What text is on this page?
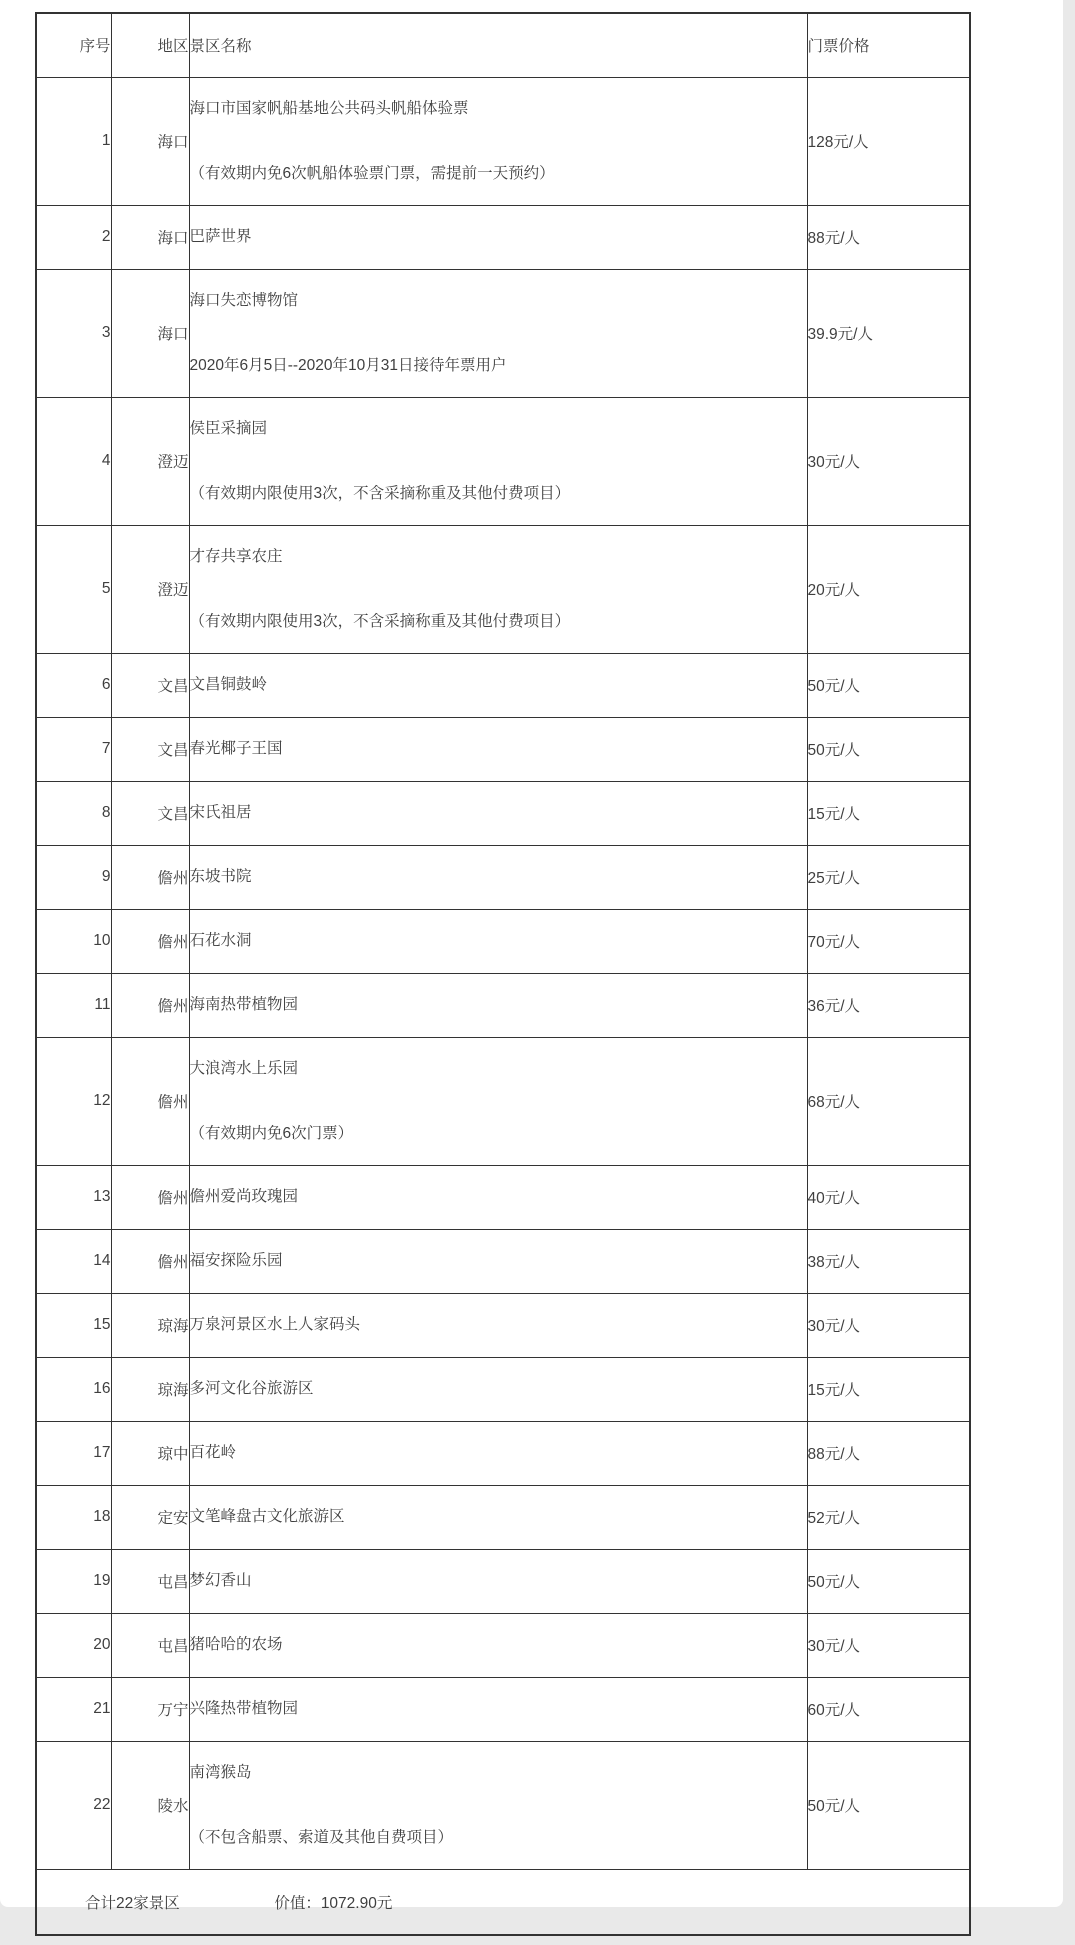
序号	地区	景区名称	门票价格
1	海口	海口市国家帆船基地公共码头帆船体验票
（有效期内免6次帆船体验票门票，需提前一天预约）	128元/人
2	海口	巴萨世界	88元/人
3	海口	海口失恋博物馆
2020年6月5日--2020年10月31日接待年票用户	39.9元/人
4	澄迈	侯臣采摘园
（有效期内限使用3次，不含采摘称重及其他付费项目）	30元/人
5	澄迈	才存共享农庄
（有效期内限使用3次，不含采摘称重及其他付费项目）	20元/人
6	文昌	文昌铜鼓岭	50元/人
7	文昌	春光椰子王国	50元/人
8	文昌	宋氏祖居	15元/人
9	儋州	东坡书院	25元/人
10	儋州	石花水洞	70元/人
11	儋州	海南热带植物园	36元/人
12	儋州	大浪湾水上乐园
（有效期内免6次门票）	68元/人
13	儋州	儋州爱尚玫瑰园	40元/人
14	儋州	福安探险乐园	38元/人
15	琼海	万泉河景区水上人家码头	30元/人
16	琼海	多河文化谷旅游区	15元/人
17	琼中	百花岭	88元/人
18	定安	文笔峰盘古文化旅游区	52元/人
19	屯昌	梦幻香山	50元/人
20	屯昌	猪哈哈的农场	30元/人
21	万宁	兴隆热带植物园	60元/人
22	陵水	南湾猴岛
（不包含船票、索道及其他自费项目）	50元/人
合计22家景区 价值：1072.90元			
